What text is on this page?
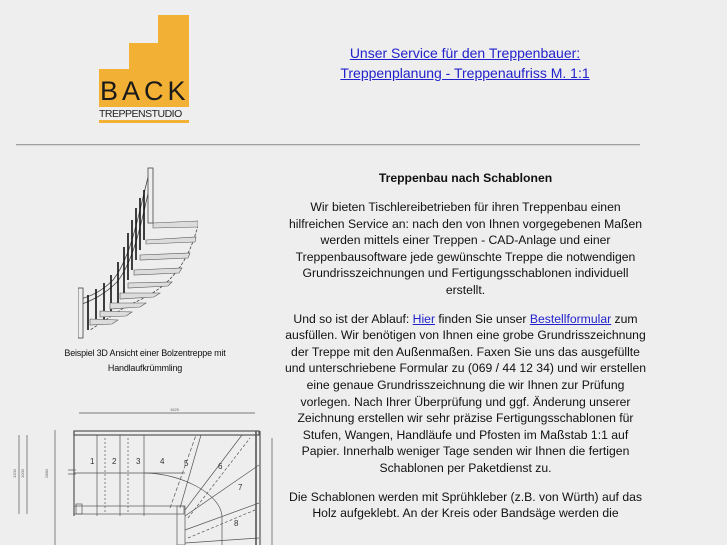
BACK
TREPPENSTUDIO
Unser Service für den Treppenbauer:
Treppenplanung - Treppenaufriss M. 1:1
Beispiel 3D Ansicht einer Bolzentreppe mit Handlaufkrümmling
1 2 3 4 5	6
7
8
1625
2880
1200 1000
Treppenbau nach Schablonen

Wir bieten Tischlereibetrieben für ihren Treppenbau einen hilfreichen Service an: nach den von Ihnen vorgegebenen Maßen werden mittels einer Treppen - CAD-Anlage und einer Treppenbausoftware jede gewünschte Treppe die notwendigen Grundrisszeichnungen und Fertigungsschablonen individuell erstellt.

Und so ist der Ablauf: Hier finden Sie unser Bestellformular zum ausfüllen. Wir benötigen von Ihnen eine grobe Grundrisszeichnung der Treppe mit den Außenmaßen. Faxen Sie uns das ausgefüllte und unterschriebene Formular zu (069 / 44 12 34) und wir erstellen eine genaue Grundrisszeichnung die wir Ihnen zur Prüfung vorlegen. Nach Ihrer Überprüfung und ggf. Änderung unserer Zeichnung erstellen wir sehr präzise Fertigungsschablonen für Stufen, Wangen, Handläufe und Pfosten im Maßstab 1:1 auf Papier. Innerhalb weniger Tage senden wir Ihnen die fertigen Schablonen per Paketdienst zu.

Die Schablonen werden mit Sprühkleber (z.B. von Würth) auf das Holz aufgeklebt. An der Kreis oder Bandsäge werden die
